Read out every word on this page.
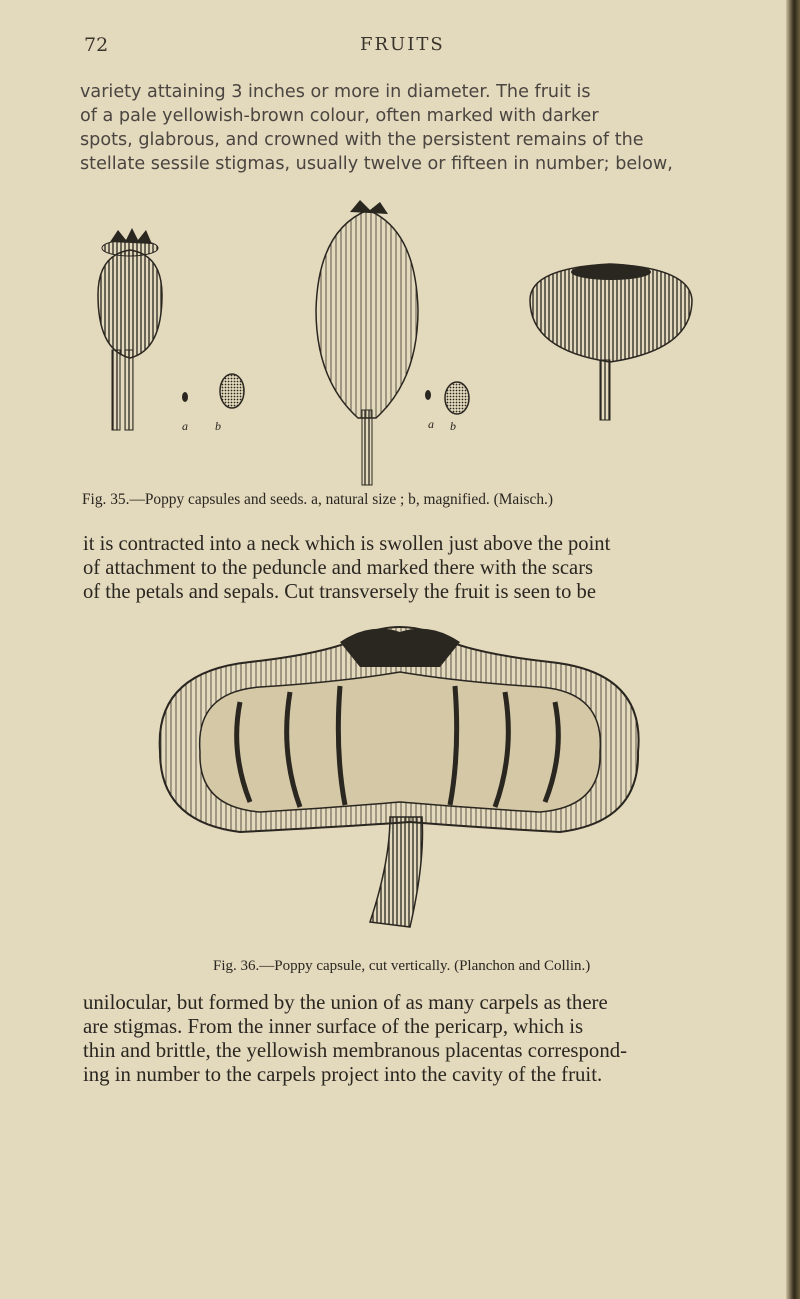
72	FRUITS

variety attaining 3 inches or more in diameter. The fruit is
of a pale yellowish-brown colour, often marked with darker
spots, glabrous, and crowned with the persistent remains of the
stellate sessile stigmas, usually twelve or fifteen in number; below,

a b	a b
Fig. 35.—Poppy capsules and seeds. a, natural size ; b, magnified. (Maisch.)

it is contracted into a neck which is swollen just above the point
of attachment to the peduncle and marked there with the scars
of the petals and sepals. Cut transversely the fruit is seen to be

Fig. 36.—Poppy capsule, cut vertically. (Planchon and Collin.)

unilocular, but formed by the union of as many carpels as there
are stigmas. From the inner surface of the pericarp, which is
thin and brittle, the yellowish membranous placentas correspond-
ing in number to the carpels project into the cavity of the fruit.
